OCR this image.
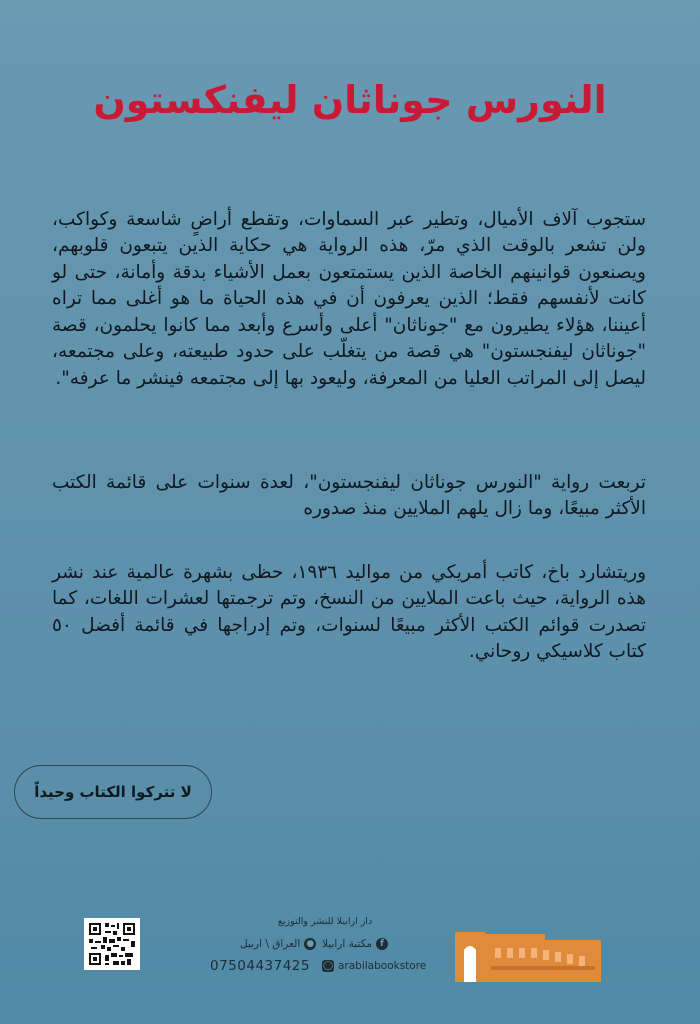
النورس جوناثان ليفنكستون

ستجوب آلاف الأميال، وتطير عبر السماوات، وتقطع أراضٍ شاسعة وكواكب، ولن تشعر بالوقت الذي مرّ، هذه الرواية هي حكاية الذين يتبعون قلوبهم، ويصنعون قوانينهم الخاصة الذين يستمتعون بعمل الأشياء بدقة وأمانة، حتى لو كانت لأنفسهم فقط؛ الذين يعرفون أن في هذه الحياة ما هو أغلى مما تراه أعيننا، هؤلاء يطيرون مع "جوناثان" أعلى وأسرع وأبعد مما كانوا يحلمون، قصة "جوناثان ليفنجستون" هي قصة من يتغلّب على حدود طبيعته، وعلى مجتمعه، ليصل إلى المراتب العليا من المعرفة، وليعود بها إلى مجتمعه فينشر ما عرفه".

تربعت رواية "النورس جوناثان ليفنجستون"، لعدة سنوات على قائمة الكتب الأكثر مبيعًا، وما زال يلهم الملايين منذ صدوره

وريتشارد باخ، كاتب أمريكي من مواليد ١٩٣٦، حظى بشهرة عالمية عند نشر هذه الرواية، حيث باعت الملايين من النسخ، وتم ترجمتها لعشرات اللغات، كما تصدرت قوائم الكتب الأكثر مبيعًا لسنوات، وتم إدراجها في قائمة أفضل ٥٠ كتاب كلاسيكي روحاني.

لا تتركوا الكتاب وحيداً
دار ارابيلا للنشر والتوزيع
f
مكتبة ارابيلا
●
العراق \ اربيل
◯ arabilabookstore
07504437425
